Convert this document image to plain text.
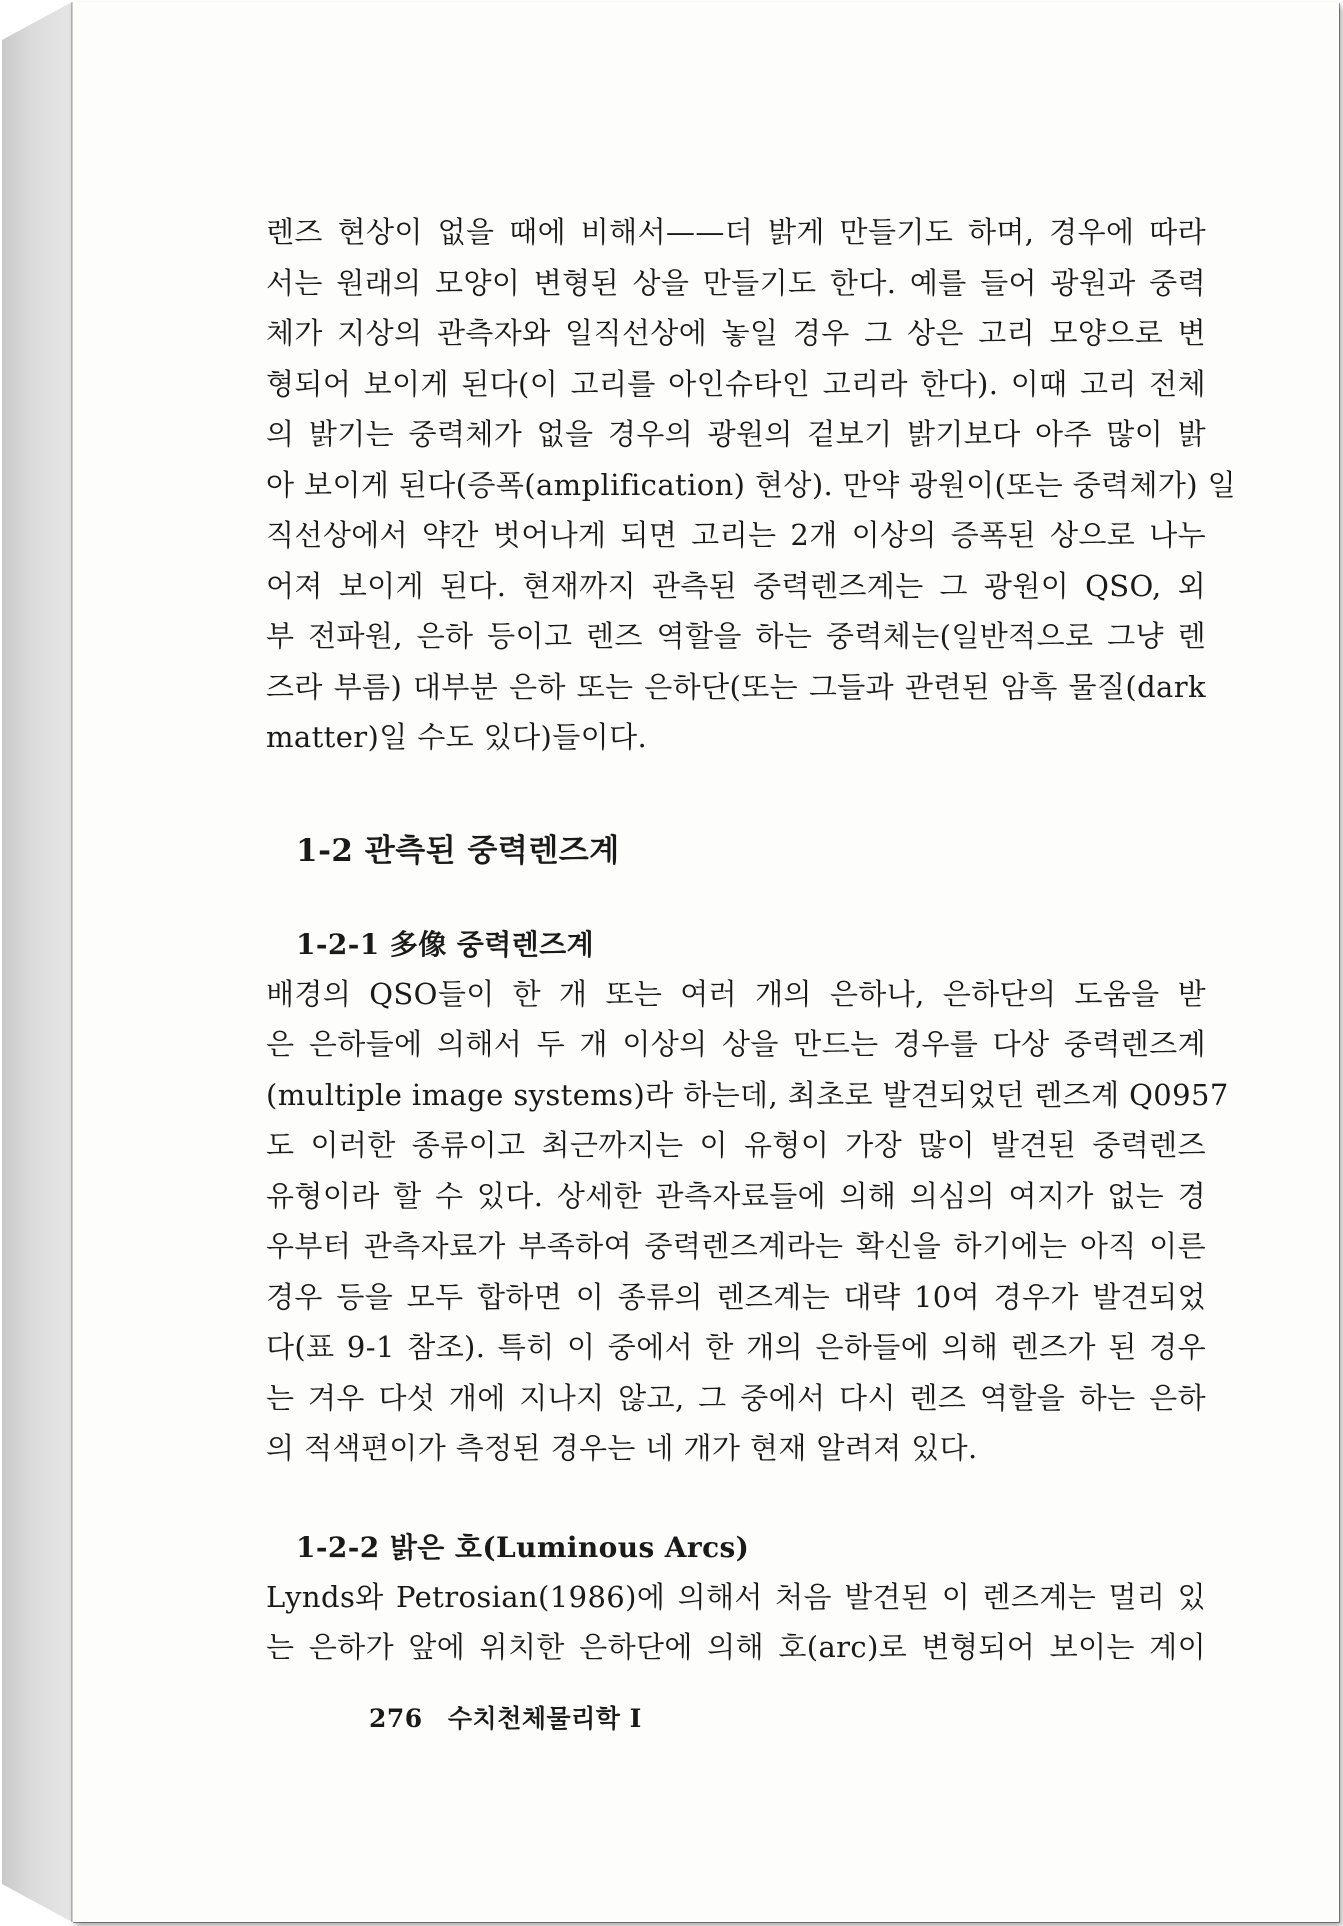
렌즈 현상이 없을 때에 비해서——더 밝게 만들기도 하며, 경우에 따라
서는 원래의 모양이 변형된 상을 만들기도 한다. 예를 들어 광원과 중력
체가 지상의 관측자와 일직선상에 놓일 경우 그 상은 고리 모양으로 변
형되어 보이게 된다(이 고리를 아인슈타인 고리라 한다). 이때 고리 전체
의 밝기는 중력체가 없을 경우의 광원의 겉보기 밝기보다 아주 많이 밝
아 보이게 된다(증폭(amplification) 현상). 만약 광원이(또는 중력체가) 일
직선상에서 약간 벗어나게 되면 고리는 2개 이상의 증폭된 상으로 나누
어져 보이게 된다. 현재까지 관측된 중력렌즈계는 그 광원이 QSO, 외
부 전파원, 은하 등이고 렌즈 역할을 하는 중력체는(일반적으로 그냥 렌
즈라 부름) 대부분 은하 또는 은하단(또는 그들과 관련된 암흑 물질(dark
matter)일 수도 있다)들이다.

1-2 관측된 중력렌즈계
1-2-1 多像 중력렌즈계

배경의 QSO들이 한 개 또는 여러 개의 은하나, 은하단의 도움을 받
은 은하들에 의해서 두 개 이상의 상을 만드는 경우를 다상 중력렌즈계
(multiple image systems)라 하는데, 최초로 발견되었던 렌즈계 Q0957
도 이러한 종류이고 최근까지는 이 유형이 가장 많이 발견된 중력렌즈
유형이라 할 수 있다. 상세한 관측자료들에 의해 의심의 여지가 없는 경
우부터 관측자료가 부족하여 중력렌즈계라는 확신을 하기에는 아직 이른
경우 등을 모두 합하면 이 종류의 렌즈계는 대략 10여 경우가 발견되었
다(표 9-1 참조). 특히 이 중에서 한 개의 은하들에 의해 렌즈가 된 경우
는 겨우 다섯 개에 지나지 않고, 그 중에서 다시 렌즈 역할을 하는 은하
의 적색편이가 측정된 경우는 네 개가 현재 알려져 있다.

1-2-2 밝은 호(Luminous Arcs)

Lynds와 Petrosian(1986)에 의해서 처음 발견된 이 렌즈계는 멀리 있
는 은하가 앞에 위치한 은하단에 의해 호(arc)로 변형되어 보이는 계이

276 수치천체물리학 I
